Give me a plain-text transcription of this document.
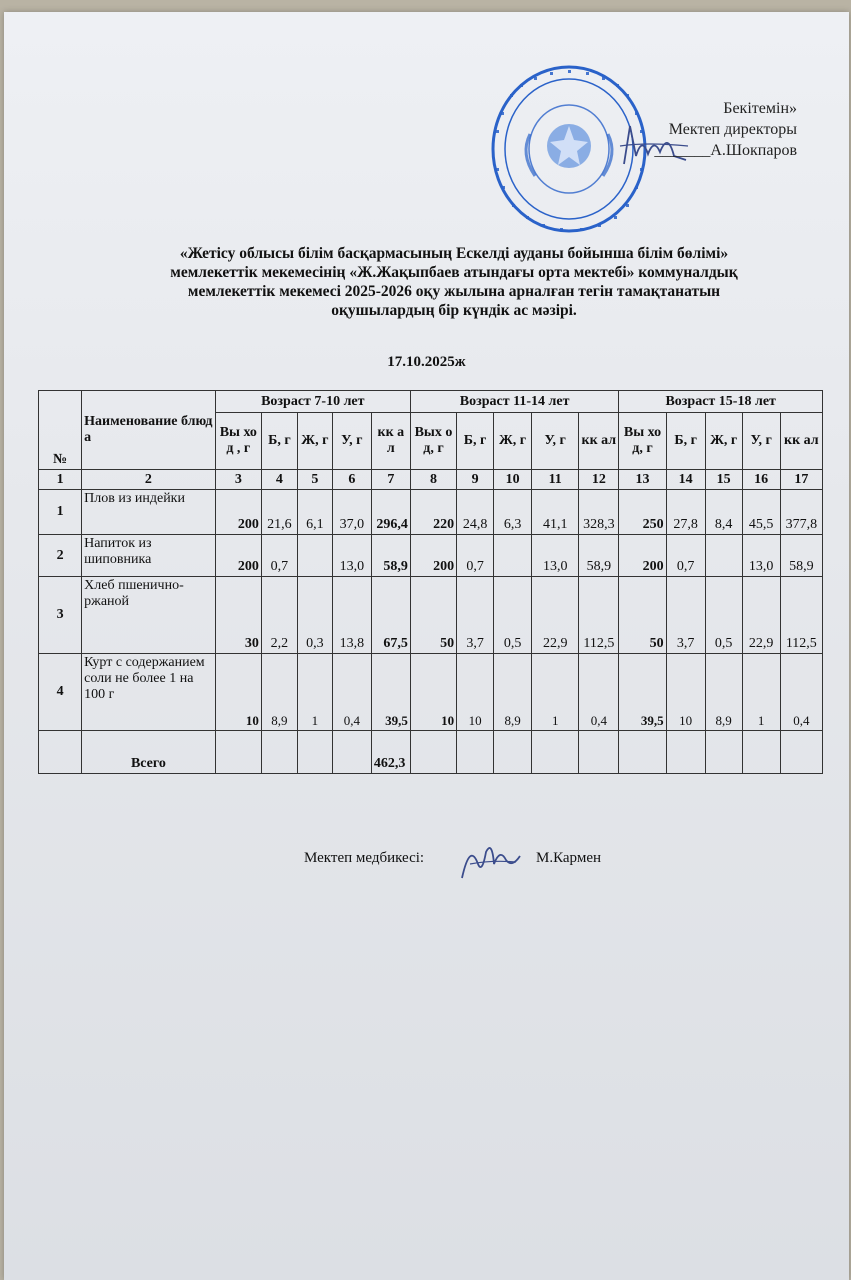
Бекітемін»
Мектеп директоры
_______А.Шокпаров
«Жетісу облысы білім басқармасының Ескелді ауданы бойынша білім бөлімі»
мемлекеттік мекемесінің «Ж.Жақыпбаев атындағы орта мектебі» коммуналдық
мемлекеттік мекемесі 2025-2026 оқу жылына арналған тегін тамақтанатын
оқушылардың бір күндік ас мәзірі.
17.10.2025ж
№	Наименование блюда	Возраст 7-10 лет					Возраст 11-14 лет					Возраст 15-18 лет				
		Вы ход , г	Б, г	Ж, г	У, г	кк ал	Вых од, г	Б, г	Ж, г	У, г	кк ал	Вы ход, г	Б, г	Ж, г	У, г	кк ал
1	2	3	4	5	6	7	8	9	10	11	12	13	14	15	16	17
1	Плов из индейки	200	21,6	6,1	37,0	296,4	220	24,8	6,3	41,1	328,3	250	27,8	8,4	45,5	377,8
2	Напиток из шиповника	200	0,7		13,0	58,9	200	0,7		13,0	58,9	200	0,7		13,0	58,9
3	Хлеб пшенично-ржаной	30	2,2	0,3	13,8	67,5	50	3,7	0,5	22,9	112,5	50	3,7	0,5	22,9	112,5
4	Курт с содержанием соли не более 1 на 100 г	10	8,9	1	0,4	39,5	10	10	8,9	1	0,4	39,5	10	8,9	1	0,4
	Всего					462,3										
Мектеп медбикесі:	М.Кармен
